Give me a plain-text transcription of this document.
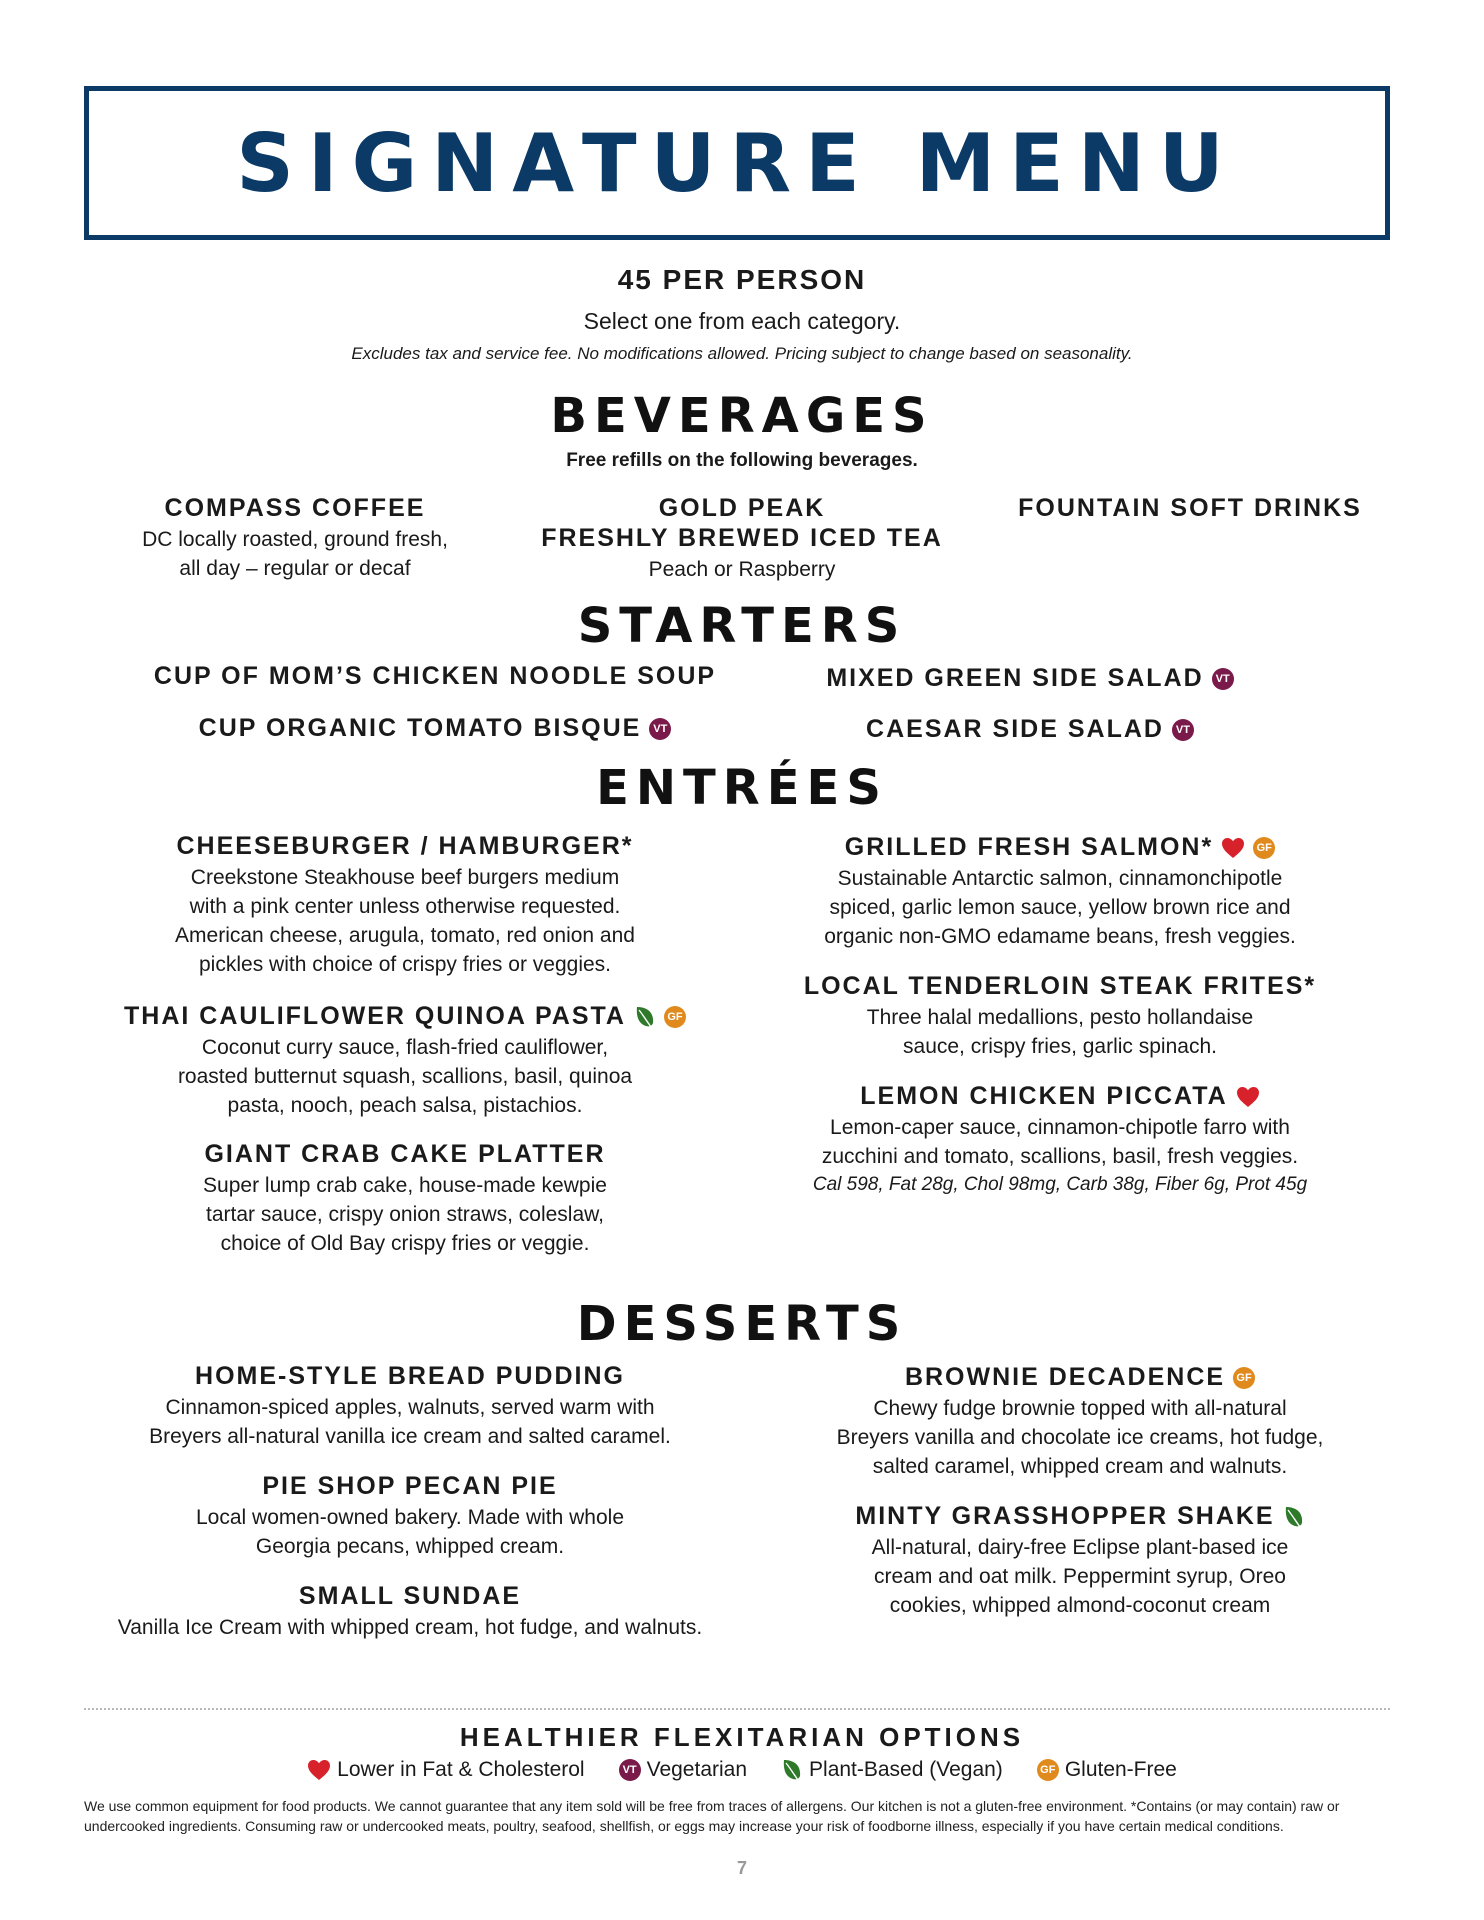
SIGNATURE MENU
45 PER PERSON
Select one from each category.
Excludes tax and service fee. No modifications allowed. Pricing subject to change based on seasonality.
BEVERAGES
Free refills on the following beverages.
COMPASS COFFEE
DC locally roasted, ground fresh,
all day – regular or decaf
GOLD PEAK
FRESHLY BREWED ICED TEA
Peach or Raspberry
FOUNTAIN SOFT DRINKS
STARTERS
CUP OF MOM’S CHICKEN NOODLE SOUP	MIXED GREEN SIDE SALAD	VT
CUP ORGANIC TOMATO BISQUE	VT	CAESAR SIDE SALAD	VT
ENTRÉES
CHEESEBURGER / HAMBURGER*
Creekstone Steakhouse beef burgers medium
with a pink center unless otherwise requested.
American cheese, arugula, tomato, red onion and
pickles with choice of crispy fries or veggies.
THAI CAULIFLOWER QUINOA PASTA	GF
Coconut curry sauce, flash-fried cauliflower,
roasted butternut squash, scallions, basil, quinoa
pasta, nooch, peach salsa, pistachios.
GIANT CRAB CAKE PLATTER
Super lump crab cake, house-made kewpie
tartar sauce, crispy onion straws, coleslaw,
choice of Old Bay crispy fries or veggie.
GRILLED FRESH SALMON*	GF
Sustainable Antarctic salmon, cinnamonchipotle
spiced, garlic lemon sauce, yellow brown rice and
organic non-GMO edamame beans, fresh veggies.
LOCAL TENDERLOIN STEAK FRITES*
Three halal medallions, pesto hollandaise
sauce, crispy fries, garlic spinach.
LEMON CHICKEN PICCATA
Lemon-caper sauce, cinnamon-chipotle farro with
zucchini and tomato, scallions, basil, fresh veggies.
Cal 598, Fat 28g, Chol 98mg, Carb 38g, Fiber 6g, Prot 45g
DESSERTS
HOME-STYLE BREAD PUDDING
Cinnamon-spiced apples, walnuts, served warm with
Breyers all-natural vanilla ice cream and salted caramel.
PIE SHOP PECAN PIE
Local women-owned bakery. Made with whole
Georgia pecans, whipped cream.
SMALL SUNDAE
Vanilla Ice Cream with whipped cream, hot fudge, and walnuts.
BROWNIE DECADENCE	GF
Chewy fudge brownie topped with all-natural
Breyers vanilla and chocolate ice creams, hot fudge,
salted caramel, whipped cream and walnuts.
MINTY GRASSHOPPER SHAKE
All-natural, dairy-free Eclipse plant-based ice
cream and oat milk. Peppermint syrup, Oreo
cookies, whipped almond-coconut cream
HEALTHIER FLEXITARIAN OPTIONS
Lower in Fat & Cholesterol	VT Vegetarian	Plant-Based (Vegan)	GF Gluten-Free
We use common equipment for food products. We cannot guarantee that any item sold will be free from traces of allergens. Our kitchen is not a gluten-free environment. *Contains (or may contain) raw or undercooked ingredients. Consuming raw or undercooked meats, poultry, seafood, shellfish, or eggs may increase your risk of foodborne illness, especially if you have certain medical conditions.
7
